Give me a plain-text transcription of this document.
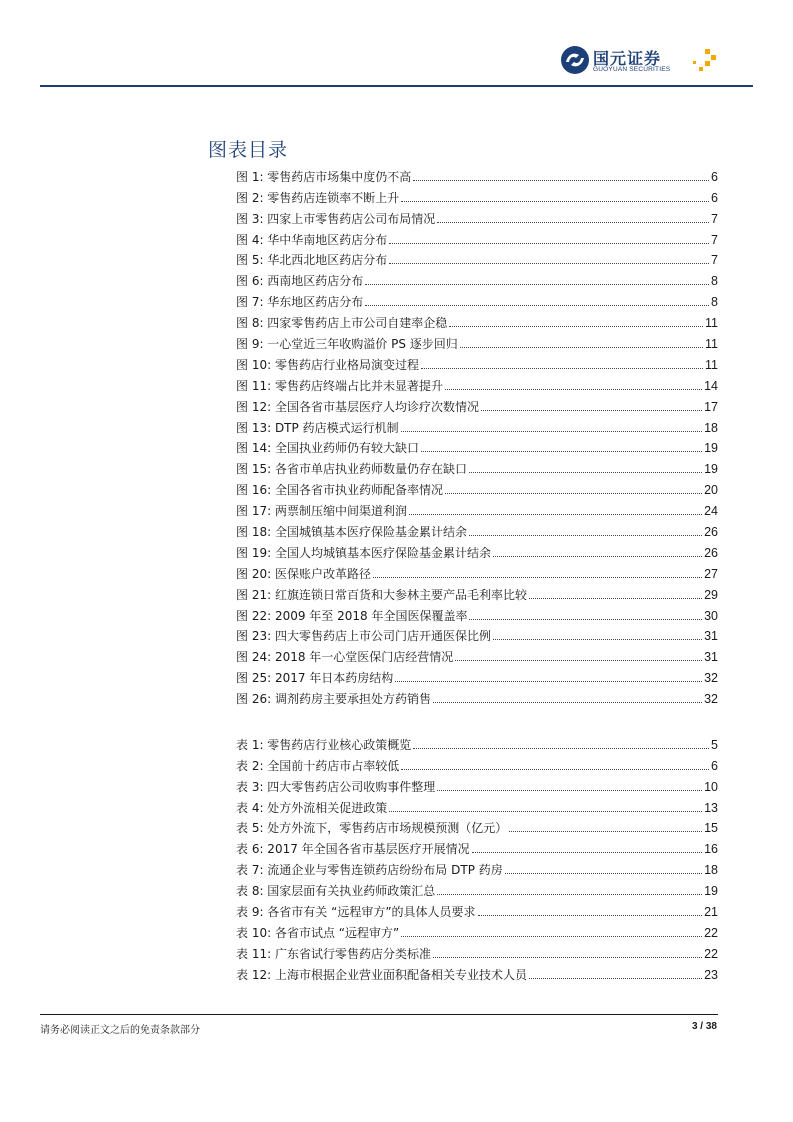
国元证券
GUOYUAN SECURITIES
图表目录
图 1: 零售药店市场集中度仍不高	6
图 2: 零售药店连锁率不断上升	6
图 3: 四家上市零售药店公司布局情况	7
图 4: 华中华南地区药店分布	7
图 5: 华北西北地区药店分布	7
图 6: 西南地区药店分布	8
图 7: 华东地区药店分布	8
图 8: 四家零售药店上市公司自建率企稳	11
图 9: 一心堂近三年收购溢价 PS 逐步回归	11
图 10: 零售药店行业格局演变过程	11
图 11: 零售药店终端占比并未显著提升	14
图 12: 全国各省市基层医疗人均诊疗次数情况	17
图 13: DTP 药店模式运行机制	18
图 14: 全国执业药师仍有较大缺口	19
图 15: 各省市单店执业药师数量仍存在缺口	19
图 16: 全国各省市执业药师配备率情况	20
图 17: 两票制压缩中间渠道利润	24
图 18: 全国城镇基本医疗保险基金累计结余	26
图 19: 全国人均城镇基本医疗保险基金累计结余	26
图 20: 医保账户改革路径	27
图 21: 红旗连锁日常百货和大参林主要产品毛利率比较	29
图 22: 2009 年至 2018 年全国医保覆盖率	30
图 23: 四大零售药店上市公司门店开通医保比例	31
图 24: 2018 年一心堂医保门店经营情况	31
图 25: 2017 年日本药房结构	32
图 26: 调剂药房主要承担处方药销售	32
表 1: 零售药店行业核心政策概览	5
表 2: 全国前十药店市占率较低	6
表 3: 四大零售药店公司收购事件整理	10
表 4: 处方外流相关促进政策	13
表 5: 处方外流下，零售药店市场规模预测（亿元）	15
表 6: 2017 年全国各省市基层医疗开展情况	16
表 7: 流通企业与零售连锁药店纷纷布局 DTP 药房	18
表 8: 国家层面有关执业药师政策汇总	19
表 9: 各省市有关 “远程审方”的具体人员要求	21
表 10: 各省市试点 “远程审方”	22
表 11: 广东省试行零售药店分类标准	22
表 12: 上海市根据企业营业面积配备相关专业技术人员	23
请务必阅读正文之后的免责条款部分	3 / 38
